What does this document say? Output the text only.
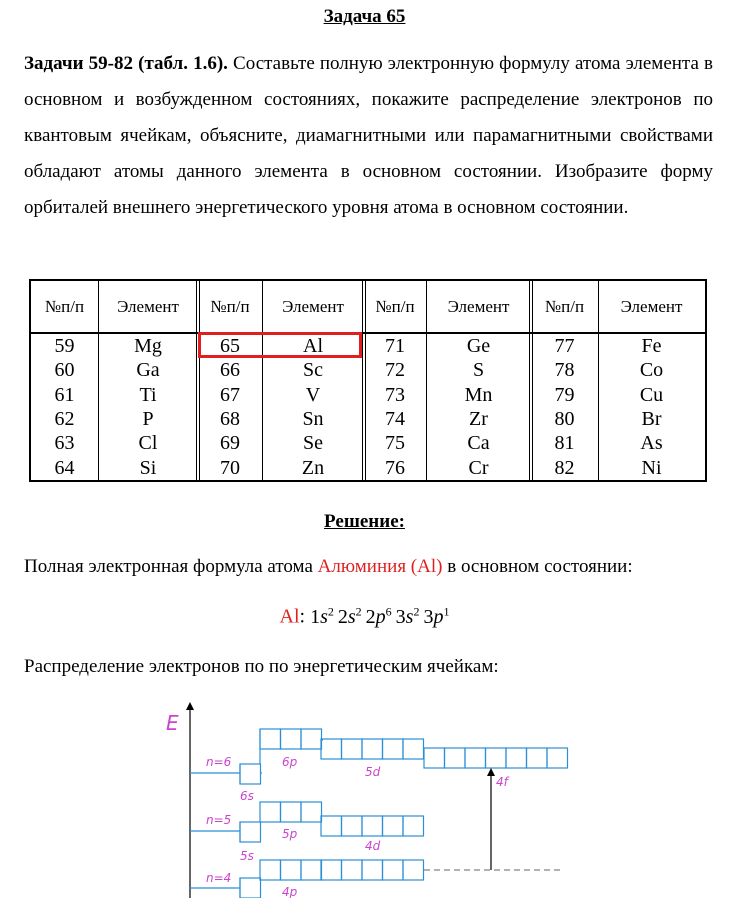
Задача 65
Задачи 59-82 (табл. 1.6). Составьте полную электронную формулу атома элемента в основном и возбужденном состояниях, покажите распределение электронов по квантовым ячейкам, объясните, диамагнитными или парамагнитными свойствами обладают атомы данного элемента в основном состоянии. Изобразите форму орбиталей внешнего энергетического уровня атома в основном состоянии.
№ п/п	Элемент
59	Mg
60	Ga
61	Ti
62	P
63	Cl
64	Si
№ п/п	Элемент
65	Al
66	Sc
67	V
68	Sn
69	Se
70	Zn
№ п/п	Элемент
71	Ge
72	S
73	Mn
74	Zr
75	Ca
76	Cr
№ п/п	Элемент
77	Fe
78	Co
79	Cu
80	Br
81	As
82	Ni
Решение:
Полная электронная формула атома Алюминия (Al) в основном состоянии:
Al: $1s^2$ $2s^2$ $2p^6$ $3s^2$ $3p^1$
Распределение электронов по по энергетическим ячейкам:
E
n=6
6s
6p
5d
4f
n=5
5s
5p
4d
n=4
4p
